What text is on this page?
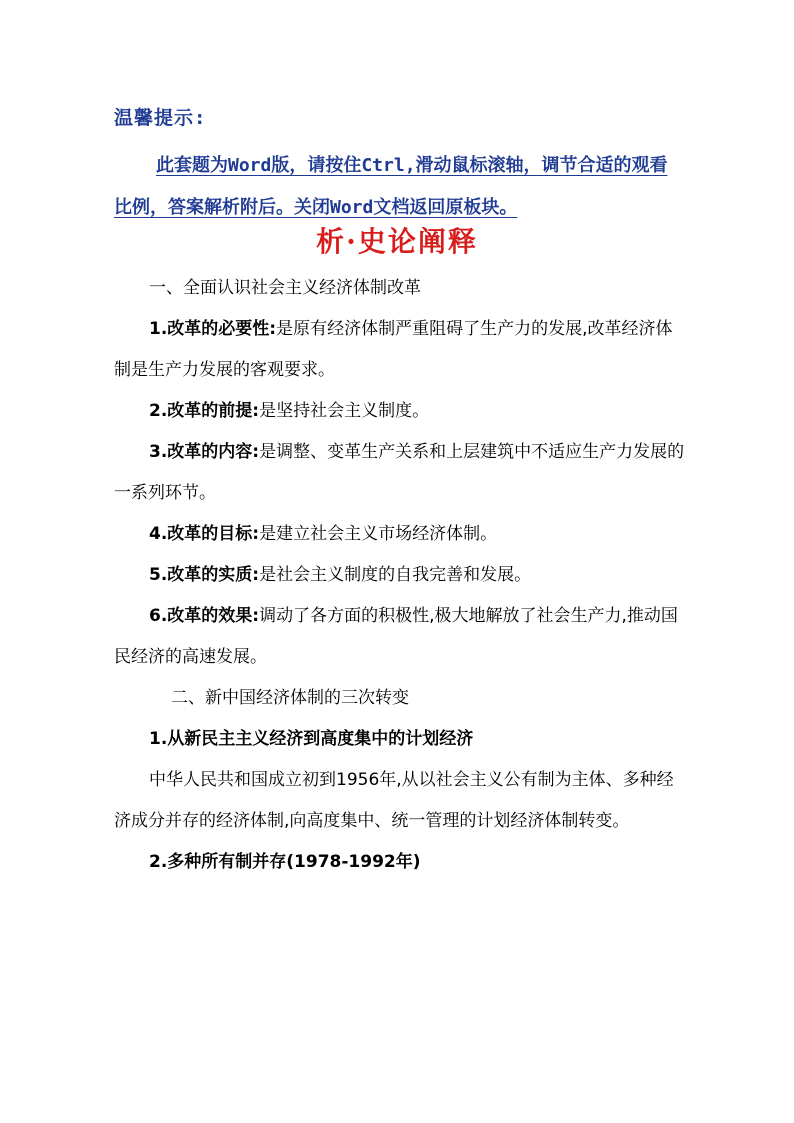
温馨提示:
此套题为Word版，请按住Ctrl,滑动鼠标滚轴，调节合适的观看比例，答案解析附后。关闭Word文档返回原板块。
析·史论阐释

一、全面认识社会主义经济体制改革

1.改革的必要性:是原有经济体制严重阻碍了生产力的发展,改革经济体制是生产力发展的客观要求。

2.改革的前提:是坚持社会主义制度。

3.改革的内容:是调整、变革生产关系和上层建筑中不适应生产力发展的一系列环节。

4.改革的目标:是建立社会主义市场经济体制。

5.改革的实质:是社会主义制度的自我完善和发展。

6.改革的效果:调动了各方面的积极性,极大地解放了社会生产力,推动国民经济的高速发展。

二、新中国经济体制的三次转变

1.从新民主主义经济到高度集中的计划经济

中华人民共和国成立初到1956年,从以社会主义公有制为主体、多种经济成分并存的经济体制,向高度集中、统一管理的计划经济体制转变。

2.多种所有制并存(1978-1992年)
